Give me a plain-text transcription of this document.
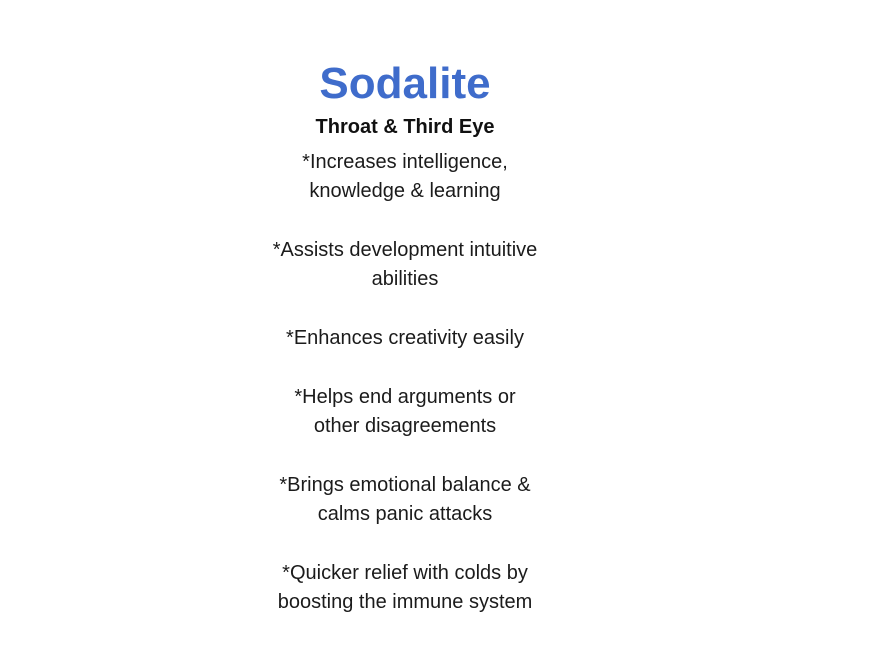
Sodalite
Throat & Third Eye
*Increases intelligence,
knowledge & learning
*Assists development intuitive
abilities
*Enhances creativity easily
*Helps end arguments or
other disagreements
*Brings emotional balance &
calms panic attacks
*Quicker relief with colds by
boosting the immune system
